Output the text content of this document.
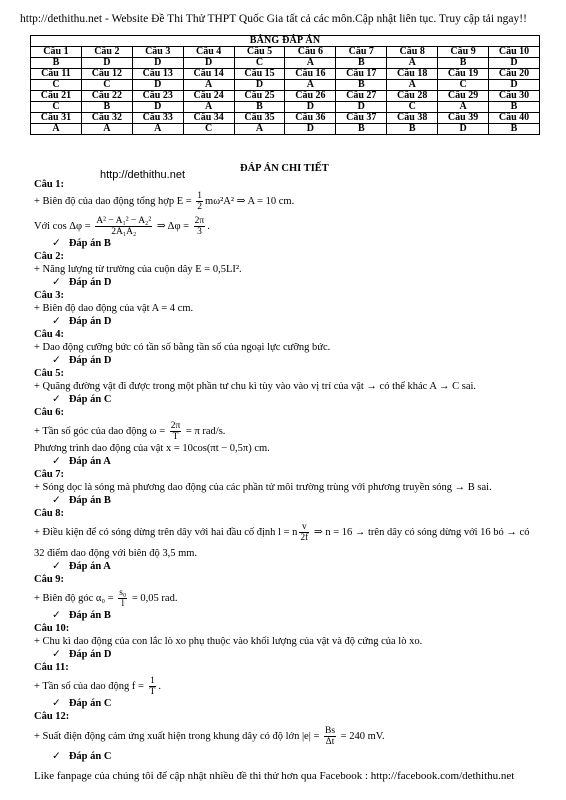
http://dethithu.net - Website Đề Thi Thử THPT Quốc Gia tất cả các môn.Cập nhật liên tục. Truy cập tải ngay!!
BẢNG ĐÁP ÁN									
Câu 1	Câu 2	Câu 3	Câu 4	Câu 5	Câu 6	Câu 7	Câu 8	Câu 9	Câu 10
B	D	D	D	C	A	B	A	B	D
Câu 11	Câu 12	Câu 13	Câu 14	Câu 15	Câu 16	Câu 17	Câu 18	Câu 19	Câu 20
C	C	D	A	D	A	B	A	C	D
Câu 21	Câu 22	Câu 23	Câu 24	Câu 25	Câu 26	Câu 27	Câu 28	Câu 29	Câu 30
C	B	D	A	B	D	D	C	A	B
Câu 31	Câu 32	Câu 33	Câu 34	Câu 35	Câu 36	Câu 37	Câu 38	Câu 39	Câu 40
A	A	A	C	A	D	B	B	D	B
ĐÁP ÁN CHI TIẾT
http://dethithu.net
Câu 1:
+ Biên độ của dao động tổng hợp $E = \frac{1}{2} m\omega^2A^2$ ⇒ A = 10 cm.
Với $\cos \Delta\varphi = \frac{\text{A² − A₁² − A₂²}}{\text{2A₁A₂}}$ ⇒ $\Delta\varphi = \frac{2\pi}{3}$ .
✓ Đáp án B
Câu 2:
+ Năng lượng từ trường của cuộn dây E = 0,5LI².
✓ Đáp án D
Câu 3:
+ Biên độ dao động của vật A = 4 cm.
✓ Đáp án D
Câu 4:
+ Dao động cưỡng bức có tần số bằng tần số của ngoại lực cưỡng bức.
✓ Đáp án D
Câu 5:
+ Quãng đường vật đi được trong một phần tư chu kì tùy vào vào vị trí của vật → có thể khác A → C sai.
✓ Đáp án C
Câu 6:
+ Tần số góc của dao động $\omega = \frac{2\pi}{T} = \pi$ rad/s.
Phương trình dao động của vật x = 10cos(πt − 0,5π) cm.
✓ Đáp án A
Câu 7:
+ Sóng dọc là sóng mà phương dao động của các phần tử môi trường trùng với phương truyền sóng → B sai.
✓ Đáp án B
Câu 8:
+ Điều kiện để có sóng dừng trên dây với hai đầu cố định l = n $\frac{v}{2f}$ ⇒ n = 16 → trên dây có sóng dừng với 16 bó → có
32 điểm dao động với biên độ 3,5 mm.
✓ Đáp án A
Câu 9:
+ Biên độ góc $\alpha_0 = \frac{\text{s₀}}{l} = 0,05$ rad.
✓ Đáp án B
Câu 10:
+ Chu kì dao động của con lắc lò xo phụ thuộc vào khối lượng của vật và độ cứng của lò xo.
✓ Đáp án D
Câu 11:
+ Tần số của dao động $f = \frac{1}{T}$ .
✓ Đáp án C
Câu 12:
+ Suất điện động cảm ứng xuất hiện trong khung dây có độ lớn $|e| = \frac{Bs}{\Delta t} = 240$ mV.
✓ Đáp án C
Like fanpage của chúng tôi để cập nhật nhiều đề thi thử hơn qua Facebook : http://facebook.com/dethithu.net
